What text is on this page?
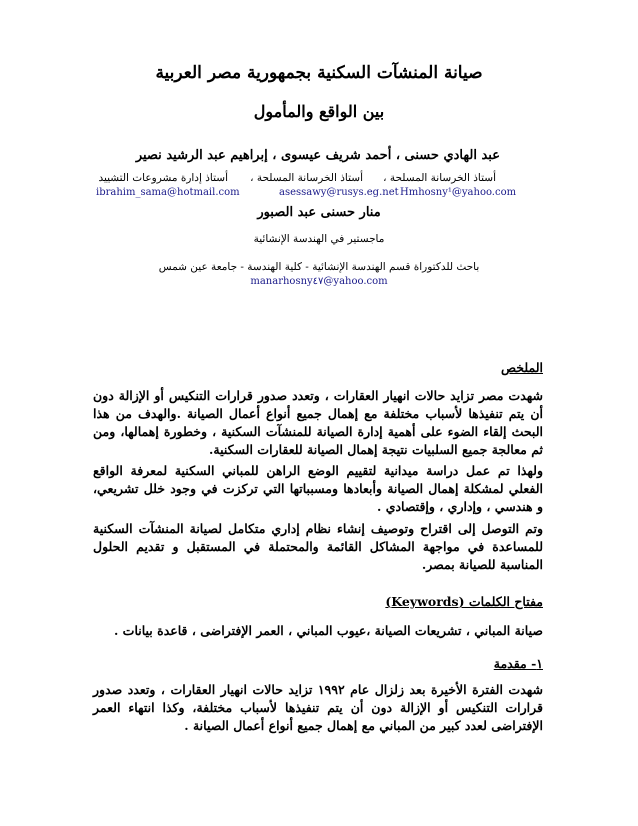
صيانة المنشآت السكنية بجمهورية مصر العربية
بين الواقع والمأمول
عبد الهادي حسنى ، أحمد شريف عيسوى ، إبراهيم عبد الرشيد نصير
أستاذ الخرسانة المسلحة ،
أستاذ الخرسانة المسلحة ،
أستاذ إدارة مشروعات التشييد
Hmhosny¹@yahoo.com
asessawy@rusys.eg.net
ibrahim_sama@hotmail.com
منار حسنى عبد الصبور
ماجستير في الهندسة الإنشائية
باحث للدكتوراة قسم الهندسة الإنشائية - كلية الهندسة - جامعة عين شمس
manarhosny٤٧@yahoo.com
الملخص
شهدت مصر تزايد حالات انهيار العقارات ، وتعدد صدور قرارات التنكيس أو الإزالة دون أن يتم تنفيذها لأسباب مختلفة مع إهمال جميع أنواع أعمال الصيانة .والهدف من هذا البحث إلقاء الضوء على أهمية إدارة الصيانة للمنشآت السكنية ، وخطورة إهمالها، ومن ثم معالجة جميع السلبيات نتيجة إهمال الصيانة للعقارات السكنية.
ولهذا تم عمل دراسة ميدانية لتقييم الوضع الراهن للمباني السكنية لمعرفة الواقع الفعلي لمشكلة إهمال الصيانة وأبعادها ومسبباتها التي تركزت في وجود خلل تشريعي، و هندسي ، وإداري ، وإقتصادي .
وتم التوصل إلى اقتراح وتوصيف إنشاء نظام إداري متكامل لصيانة المنشآت السكنية للمساعدة في مواجهة المشاكل القائمة والمحتملة في المستقبل و تقديم الحلول المناسبة للصيانة بمصر.
مفتاح الكلمات (Keywords)
صيانة المباني ، تشريعات الصيانة ،عيوب المباني ، العمر الإفتراضى ، قاعدة بيانات .
١- مقدمة
شهدت الفترة الأخيرة بعد زلزال عام ١٩٩٢ تزايد حالات انهيار العقارات ، وتعدد صدور قرارات التنكيس أو الإزالة دون أن يتم تنفيذها لأسباب مختلفة، وكذا انتهاء العمر الإفتراضى لعدد كبير من المباني مع إهمال جميع أنواع أعمال الصيانة .
